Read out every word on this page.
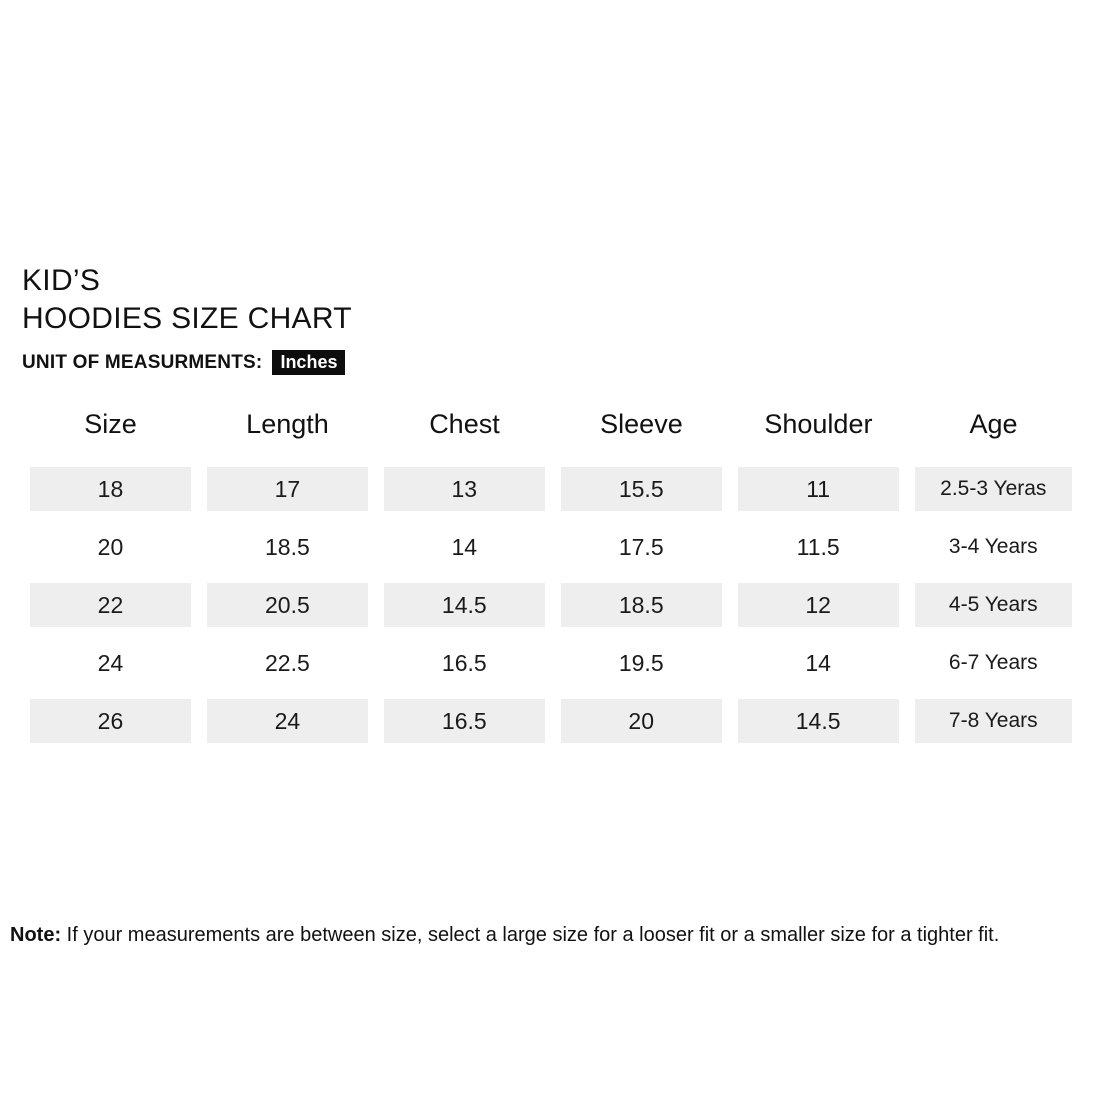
KID’S
HOODIES SIZE CHART
UNIT OF MEASURMENTS:	Inches
Size	Length	Chest	Sleeve	Shoulder	Age
18	17	13	15.5	11	2.5-3 Yeras
20	18.5	14	17.5	11.5	3-4 Years
22	20.5	14.5	18.5	12	4-5 Years
24	22.5	16.5	19.5	14	6-7 Years
26	24	16.5	20	14.5	7-8 Years
Note: If your measurements are between size, select a large size for a looser fit or a smaller size for a tighter fit.
